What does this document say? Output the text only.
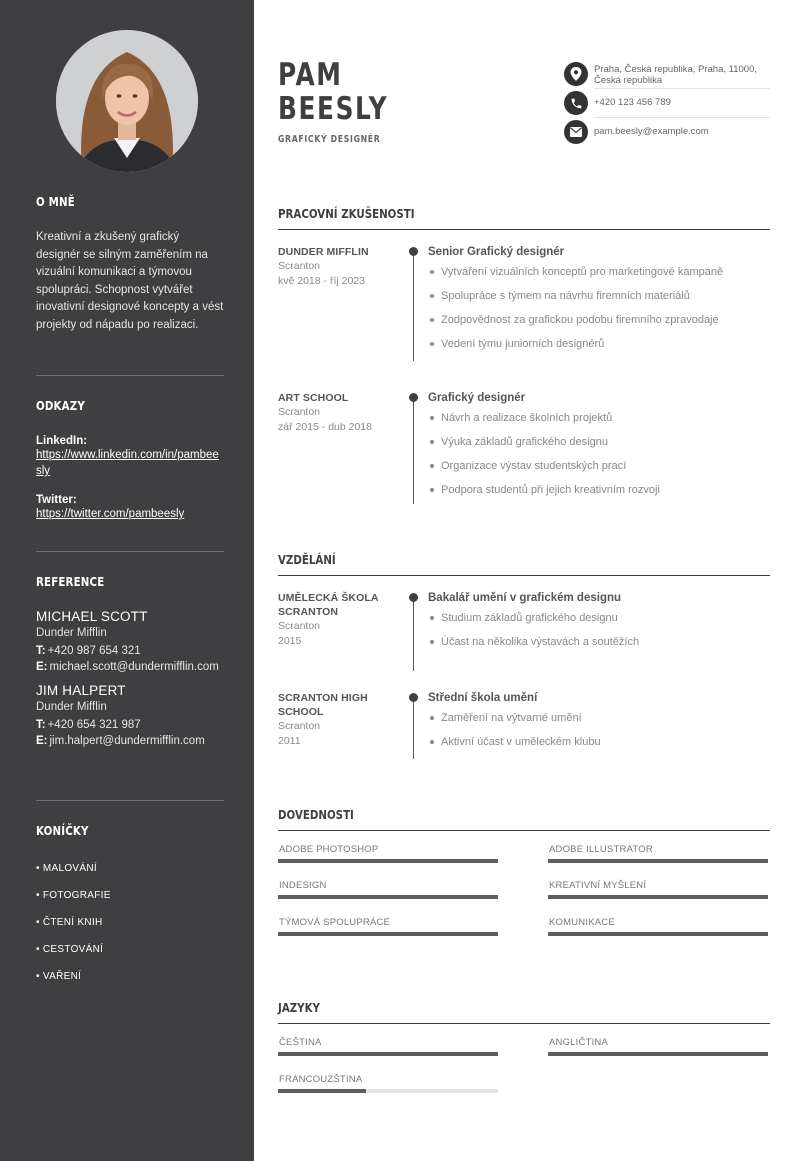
O MNĚ

Kreativní a zkušený grafický designér se silným zaměřením na vizuální komunikaci a týmovou spolupráci. Schopnost vytvářet inovativní designové koncepty a vést projekty od nápadu po realizaci.

ODKAZY
LinkedIn:
https://www.linkedin.com/in/pambeesly
Twitter:
https://twitter.com/pambeesly
REFERENCE
MICHAEL SCOTT
Dunder Mifflin
T: +420 987 654 321
E: michael.scott@dundermifflin.com
JIM HALPERT
Dunder Mifflin
T: +420 654 321 987
E: jim.halpert@dundermifflin.com
KONÍČKY
• MALOVÁNÍ
• FOTOGRAFIE
• ČTENÍ KNIH
• CESTOVÁNÍ
• VAŘENÍ
PAM
BEESLY
GRAFICKÝ DESIGNÉR
Praha, Česká republika, Praha, 11000, Česká republika
+420 123 456 789
pam.beesly@example.com
PRACOVNÍ ZKUŠENOSTI
DUNDER MIFFLIN
Scranton
kvě 2018 - říj 2023
Senior Grafický designér
Vytváření vizuálních konceptů pro marketingové kampaně
Spolupráce s týmem na návrhu firemních materiálů
Zodpovědnost za grafickou podobu firemního zpravodaje
Vedení týmu juniorních designérů
ART SCHOOL
Scranton
zář 2015 - dub 2018
Grafický designér
Návrh a realizace školních projektů
Výuka základů grafického designu
Organizace výstav studentských prací
Podpora studentů při jejich kreativním rozvoji
VZDĚLÁNÍ
UMĚLECKÁ ŠKOLA SCRANTON
Scranton
2015
Bakalář umění v grafickém designu
Studium základů grafického designu
Účast na několika výstavách a soutěžích
SCRANTON HIGH SCHOOL
Scranton
2011
Střední škola umění
Zaměření na výtvarné umění
Aktivní účast v uměleckém klubu
DOVEDNOSTI
ADOBE PHOTOSHOP	ADOBE ILLUSTRATOR
INDESIGN	KREATIVNÍ MYŠLENÍ
TÝMOVÁ SPOLUPRÁCE	KOMUNIKACE
JAZYKY
ČEŠTINA	ANGLIČTINA
FRANCOUZŠTINA
